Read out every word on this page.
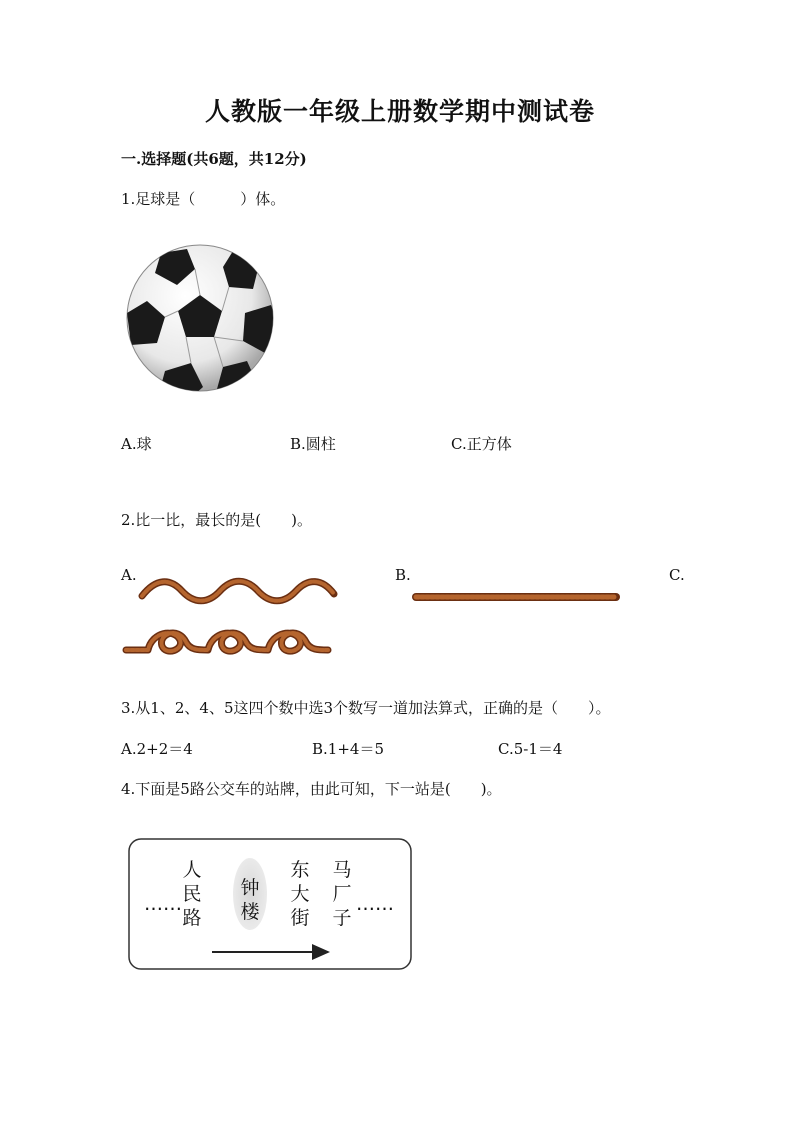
人教版一年级上册数学期中测试卷
一.选择题(共6题，共12分)
1.足球是（　　　）体。
A.球	B.圆柱	C.正方体
2.比一比，最长的是(　　)。
A.	B.	C.
3.从1、2、4、5这四个数中选3个数写一道加法算式，正确的是（　　）。
A.2+2＝4	B.1+4＝5	C.5-1＝4
4.下面是5路公交车的站牌，由此可知，下一站是(　　)。
……
人
民
路
钟
楼
东
大
街
马
厂
子
……
